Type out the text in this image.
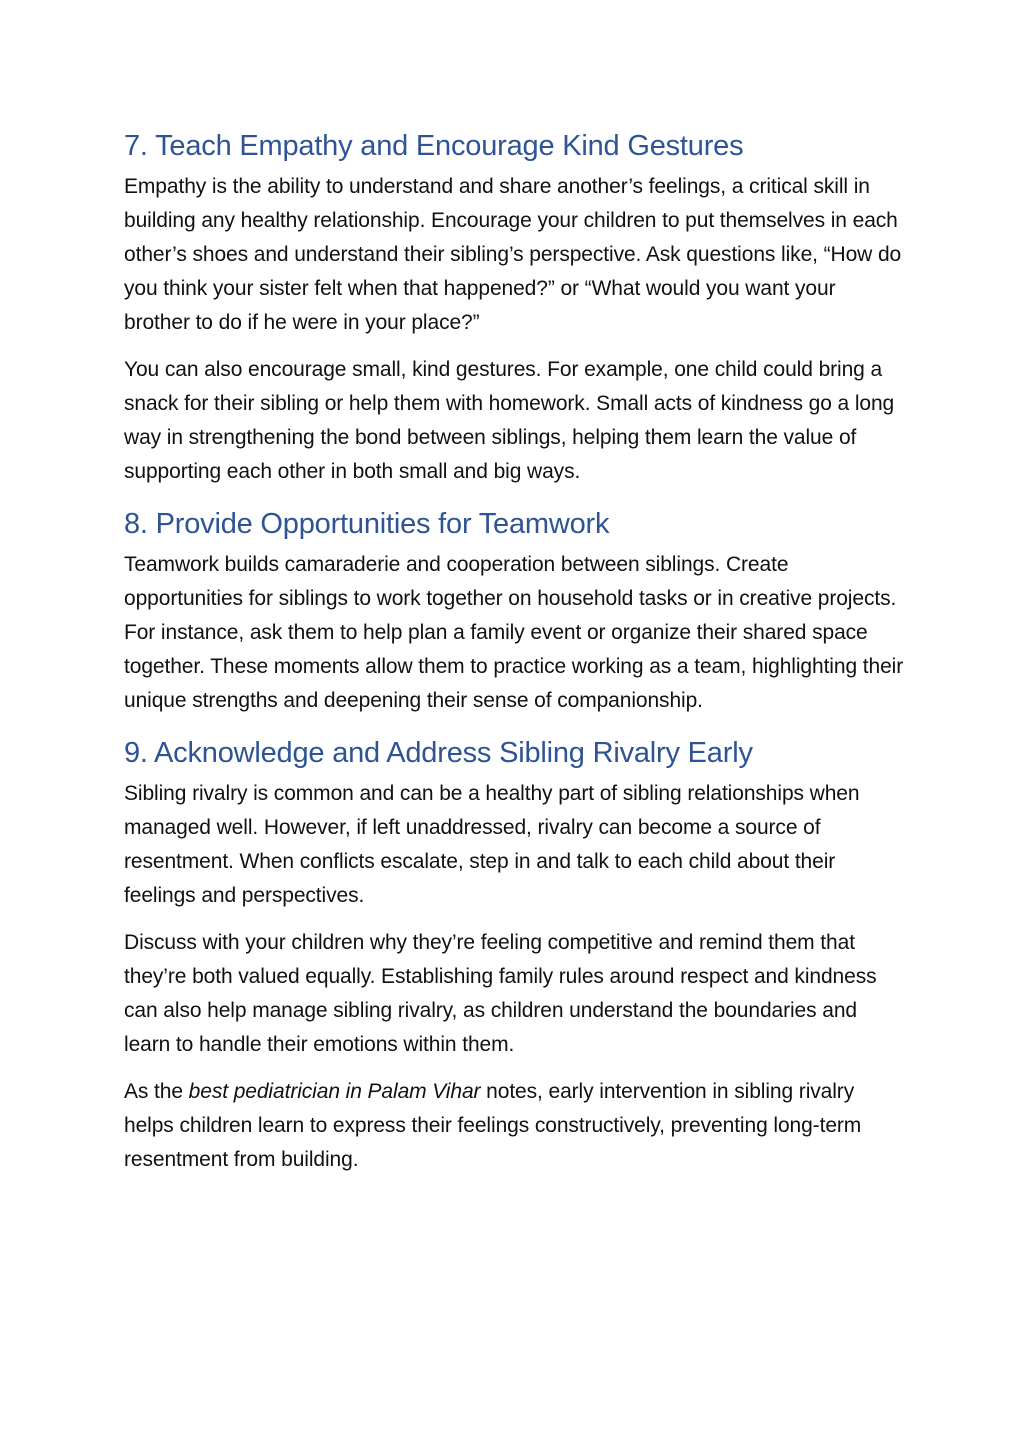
7. Teach Empathy and Encourage Kind Gestures

Empathy is the ability to understand and share another’s feelings, a critical skill in building any healthy relationship. Encourage your children to put themselves in each other’s shoes and understand their sibling’s perspective. Ask questions like, “How do you think your sister felt when that happened?” or “What would you want your brother to do if he were in your place?”

You can also encourage small, kind gestures. For example, one child could bring a snack for their sibling or help them with homework. Small acts of kindness go a long way in strengthening the bond between siblings, helping them learn the value of supporting each other in both small and big ways.

8. Provide Opportunities for Teamwork

Teamwork builds camaraderie and cooperation between siblings. Create opportunities for siblings to work together on household tasks or in creative projects. For instance, ask them to help plan a family event or organize their shared space together. These moments allow them to practice working as a team, highlighting their unique strengths and deepening their sense of companionship.

9. Acknowledge and Address Sibling Rivalry Early

Sibling rivalry is common and can be a healthy part of sibling relationships when managed well. However, if left unaddressed, rivalry can become a source of resentment. When conflicts escalate, step in and talk to each child about their feelings and perspectives.

Discuss with your children why they’re feeling competitive and remind them that they’re both valued equally. Establishing family rules around respect and kindness can also help manage sibling rivalry, as children understand the boundaries and learn to handle their emotions within them.

As the best pediatrician in Palam Vihar notes, early intervention in sibling rivalry helps children learn to express their feelings constructively, preventing long-term resentment from building.
